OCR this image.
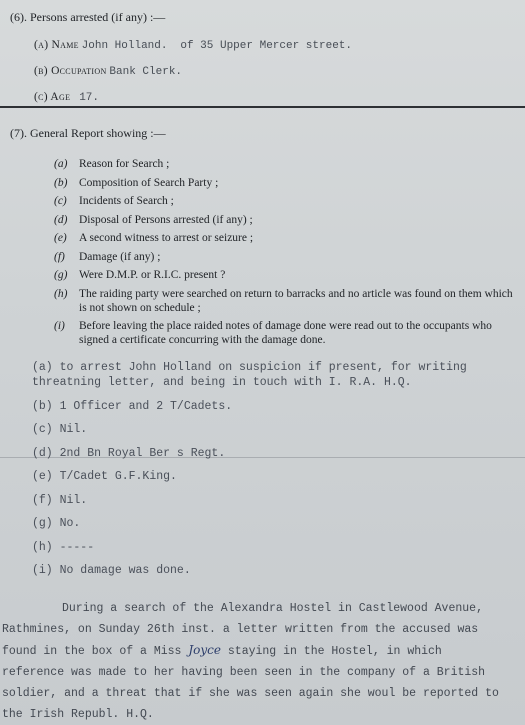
(6). Persons arrested (if any) :—
(a) Name John Holland. of 35 Upper Mercer street.
(b) Occupation Bank Clerk.
(c) Age 17.
(7). General Report showing :—
(a)	Reason for Search ;
(b)	Composition of Search Party ;
(c)	Incidents of Search ;
(d)	Disposal of Persons arrested (if any) ;
(e)	A second witness to arrest or seizure ;
(f)	Damage (if any) ;
(g)	Were D.M.P. or R.I.C. present ?
(h)	The raiding party were searched on return to barracks and no article was found on them which is not shown on schedule ;
(i)	Before leaving the place raided notes of damage done were read out to the occupants who signed a certificate concurring with the damage done.
(a) to arrest John Holland on suspicion if present, for writing threatning letter, and being in touch with I. R.A. H.Q.
(b) 1 Officer and 2 T/Cadets.
(c) Nil.
(d) 2nd Bn Royal Ber s Regt.
(e) T/Cadet G.F.King.
(f) Nil.
(g) No.
(h) -----
(i) No damage was done.
During a search of the Alexandra Hostel in Castlewood Avenue,
Rathmines, on Sunday 26th inst. a letter written from the accused was
found in the box of a Miss Joyce staying in the Hostel, in which
reference was made to her having been seen in the company of a British
soldier, and a threat that if she was seen again she woul be reported to
the Irish Republ. H.Q.
